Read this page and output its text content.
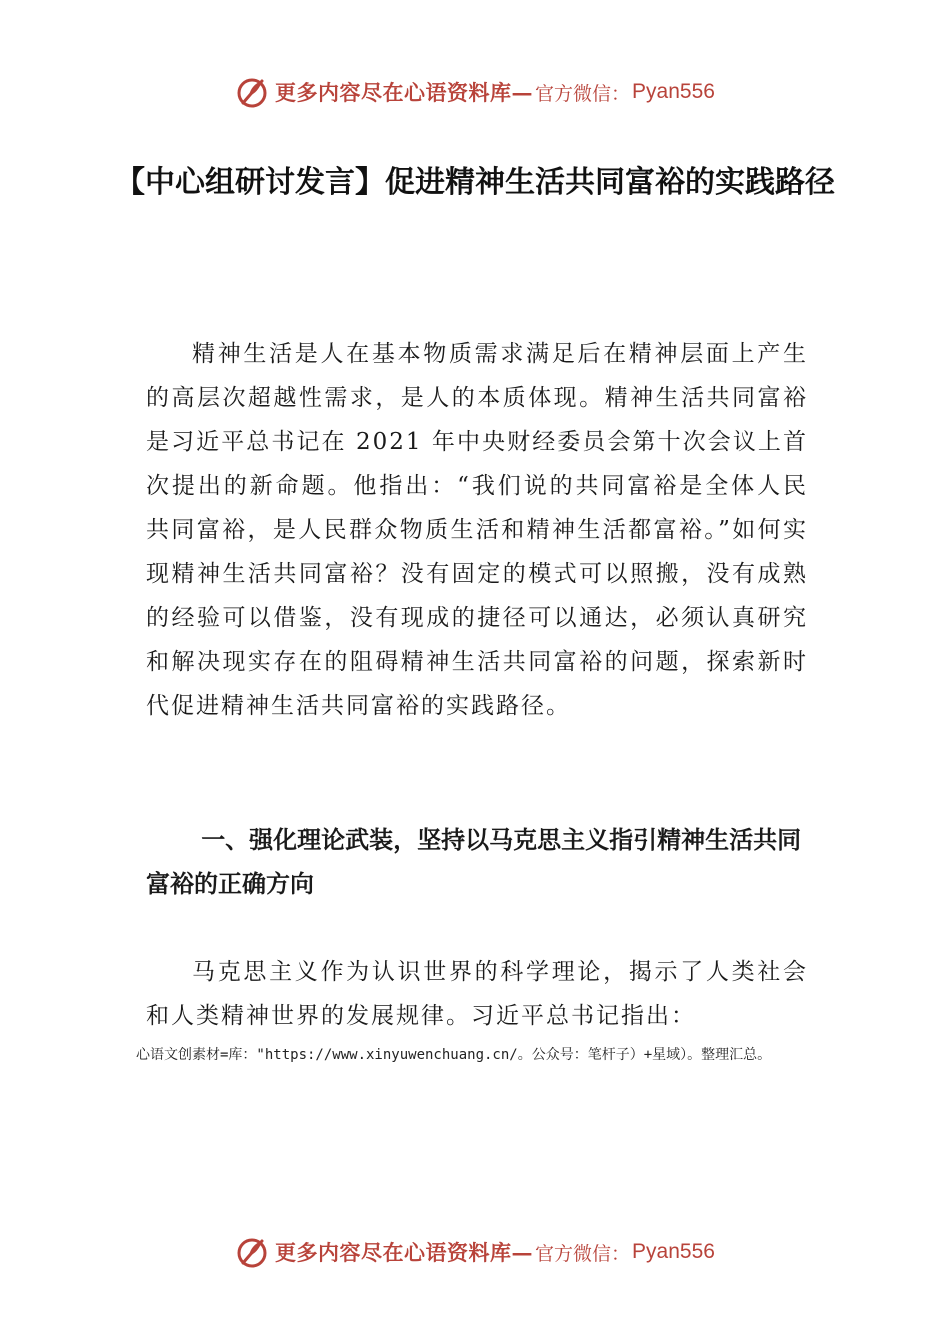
更多内容尽在心语资料库— 官方微信： Pyan556
【中心组研讨发言】促进精神生活共同富裕的实践路径

精神生活是人在基本物质需求满足后在精神层面上产生的高层次超越性需求，是人的本质体现。精神生活共同富裕是习近平总书记在 2021 年中央财经委员会第十次会议上首次提出的新命题。他指出：“我们说的共同富裕是全体人民共同富裕，是人民群众物质生活和精神生活都富裕。”如何实现精神生活共同富裕？没有固定的模式可以照搬，没有成熟的经验可以借鉴，没有现成的捷径可以通达，必须认真研究和解决现实存在的阻碍精神生活共同富裕的问题，探索新时代促进精神生活共同富裕的实践路径。

一、强化理论武装，坚持以马克思主义指引精神生活共同富裕的正确方向

马克思主义作为认识世界的科学理论，揭示了人类社会和人类精神世界的发展规律。习近平总书记指出：

心语文创素材=库："https://www.xinyuwenchuang.cn/。公众号：笔杆子）+星域）。整理汇总。

更多内容尽在心语资料库— 官方微信： Pyan556
